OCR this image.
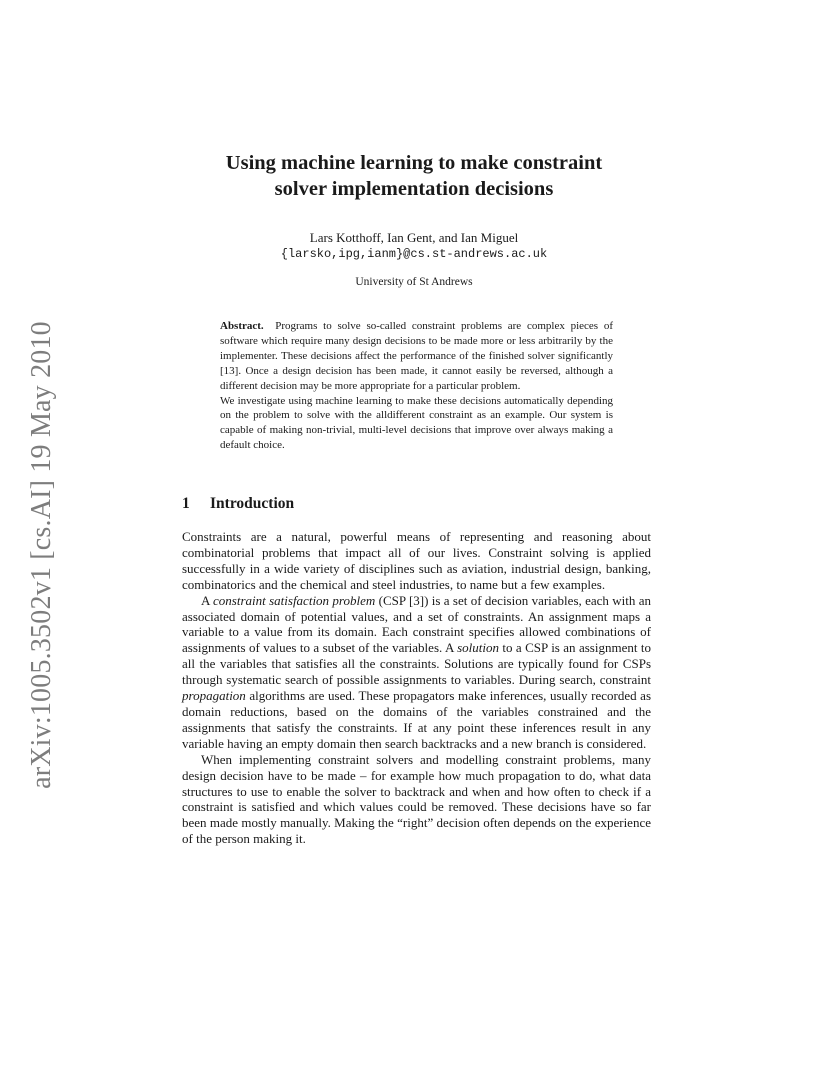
arXiv:1005.3502v1 [cs.AI] 19 May 2010
Using machine learning to make constraint
solver implementation decisions
Lars Kotthoff, Ian Gent, and Ian Miguel
{larsko,ipg,ianm}@cs.st-andrews.ac.uk
University of St Andrews

Abstract. Programs to solve so-called constraint problems are complex pieces of software which require many design decisions to be made more or less arbitrarily by the implementer. These decisions affect the performance of the finished solver significantly [13]. Once a design decision has been made, it cannot easily be reversed, although a different decision may be more appropriate for a particular problem.

We investigate using machine learning to make these decisions automatically depending on the problem to solve with the alldifferent constraint as an example. Our system is capable of making non-trivial, multi-level decisions that improve over always making a default choice.

1 Introduction

Constraints are a natural, powerful means of representing and reasoning about combinatorial problems that impact all of our lives. Constraint solving is applied successfully in a wide variety of disciplines such as aviation, industrial design, banking, combinatorics and the chemical and steel industries, to name but a few examples.

A constraint satisfaction problem (CSP [3]) is a set of decision variables, each with an associated domain of potential values, and a set of constraints. An assignment maps a variable to a value from its domain. Each constraint specifies allowed combinations of assignments of values to a subset of the variables. A solution to a CSP is an assignment to all the variables that satisfies all the constraints. Solutions are typically found for CSPs through systematic search of possible assignments to variables. During search, constraint propagation algorithms are used. These propagators make inferences, usually recorded as domain reductions, based on the domains of the variables constrained and the assignments that satisfy the constraints. If at any point these inferences result in any variable having an empty domain then search backtracks and a new branch is considered.

When implementing constraint solvers and modelling constraint problems, many design decision have to be made – for example how much propagation to do, what data structures to use to enable the solver to backtrack and when and how often to check if a constraint is satisfied and which values could be removed. These decisions have so far been made mostly manually. Making the “right” decision often depends on the experience of the person making it.
